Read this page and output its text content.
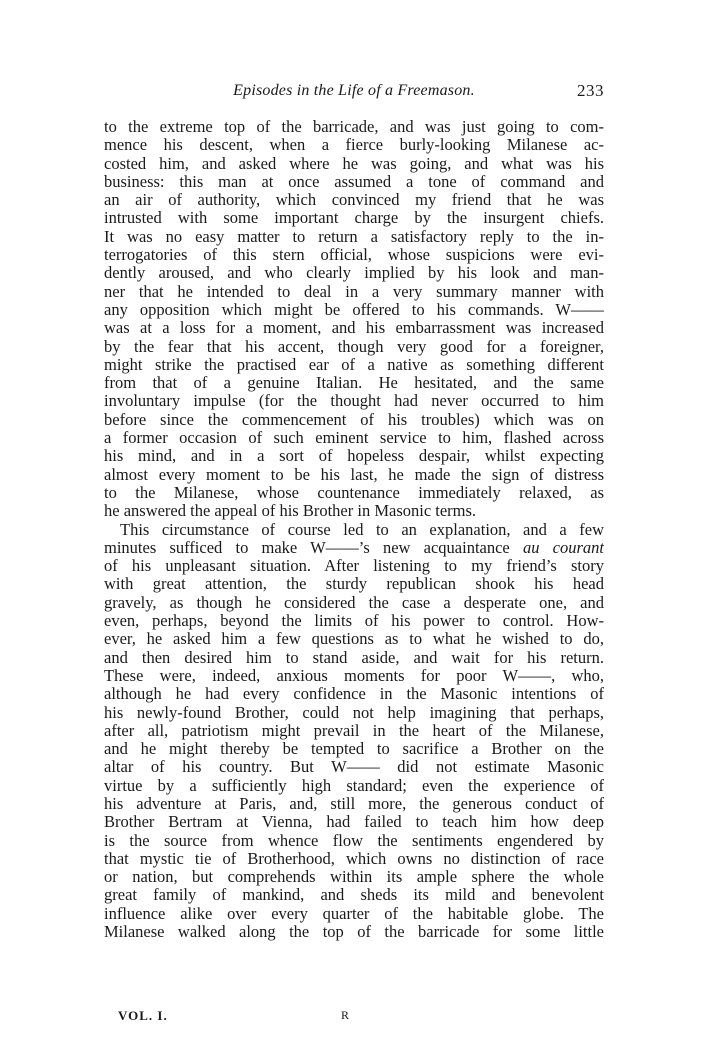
Episodes in the Life of a Freemason.	233
to the extreme top of the barricade, and was just going to com-
mence his descent, when a fierce burly-looking Milanese ac-
costed him, and asked where he was going, and what was his
business: this man at once assumed a tone of command and
an air of authority, which convinced my friend that he was
intrusted with some important charge by the insurgent chiefs.
It was no easy matter to return a satisfactory reply to the in-
terrogatories of this stern official, whose suspicions were evi-
dently aroused, and who clearly implied by his look and man-
ner that he intended to deal in a very summary manner with
any opposition which might be offered to his commands. W——
was at a loss for a moment, and his embarrassment was increased
by the fear that his accent, though very good for a foreigner,
might strike the practised ear of a native as something different
from that of a genuine Italian. He hesitated, and the same
involuntary impulse (for the thought had never occurred to him
before since the commencement of his troubles) which was on
a former occasion of such eminent service to him, flashed across
his mind, and in a sort of hopeless despair, whilst expecting
almost every moment to be his last, he made the sign of distress
to the Milanese, whose countenance immediately relaxed, as
he answered the appeal of his Brother in Masonic terms.
This circumstance of course led to an explanation, and a few
minutes sufficed to make W——’s new acquaintance au courant
of his unpleasant situation. After listening to my friend’s story
with great attention, the sturdy republican shook his head
gravely, as though he considered the case a desperate one, and
even, perhaps, beyond the limits of his power to control. How-
ever, he asked him a few questions as to what he wished to do,
and then desired him to stand aside, and wait for his return.
These were, indeed, anxious moments for poor W——, who,
although he had every confidence in the Masonic intentions of
his newly-found Brother, could not help imagining that perhaps,
after all, patriotism might prevail in the heart of the Milanese,
and he might thereby be tempted to sacrifice a Brother on the
altar of his country. But W—— did not estimate Masonic
virtue by a sufficiently high standard; even the experience of
his adventure at Paris, and, still more, the generous conduct of
Brother Bertram at Vienna, had failed to teach him how deep
is the source from whence flow the sentiments engendered by
that mystic tie of Brotherhood, which owns no distinction of race
or nation, but comprehends within its ample sphere the whole
great family of mankind, and sheds its mild and benevolent
influence alike over every quarter of the habitable globe. The
Milanese walked along the top of the barricade for some little
VOL. I.	R
